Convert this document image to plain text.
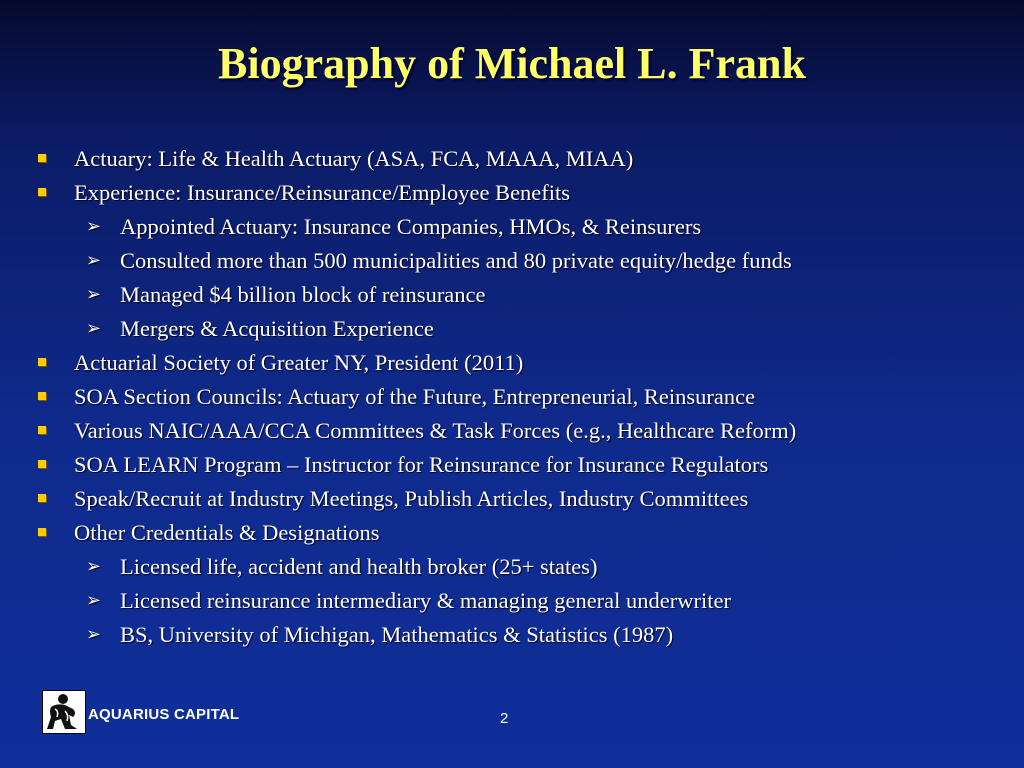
Biography of Michael L. Frank
Actuary: Life & Health Actuary (ASA, FCA, MAAA, MIAA)
Experience: Insurance/Reinsurance/Employee Benefits
➢ Appointed Actuary: Insurance Companies, HMOs, & Reinsurers
➢ Consulted more than 500 municipalities and 80 private equity/hedge funds
➢ Managed $4 billion block of reinsurance
➢ Mergers & Acquisition Experience
Actuarial Society of Greater NY, President (2011)
SOA Section Councils: Actuary of the Future, Entrepreneurial, Reinsurance
Various NAIC/AAA/CCA Committees & Task Forces (e.g., Healthcare Reform)
SOA LEARN Program – Instructor for Reinsurance for Insurance Regulators
Speak/Recruit at Industry Meetings, Publish Articles, Industry Committees
Other Credentials & Designations
➢ Licensed life, accident and health broker (25+ states)
➢ Licensed reinsurance intermediary & managing general underwriter
➢ BS, University of Michigan, Mathematics & Statistics (1987)
AQUARIUS CAPITAL	2
